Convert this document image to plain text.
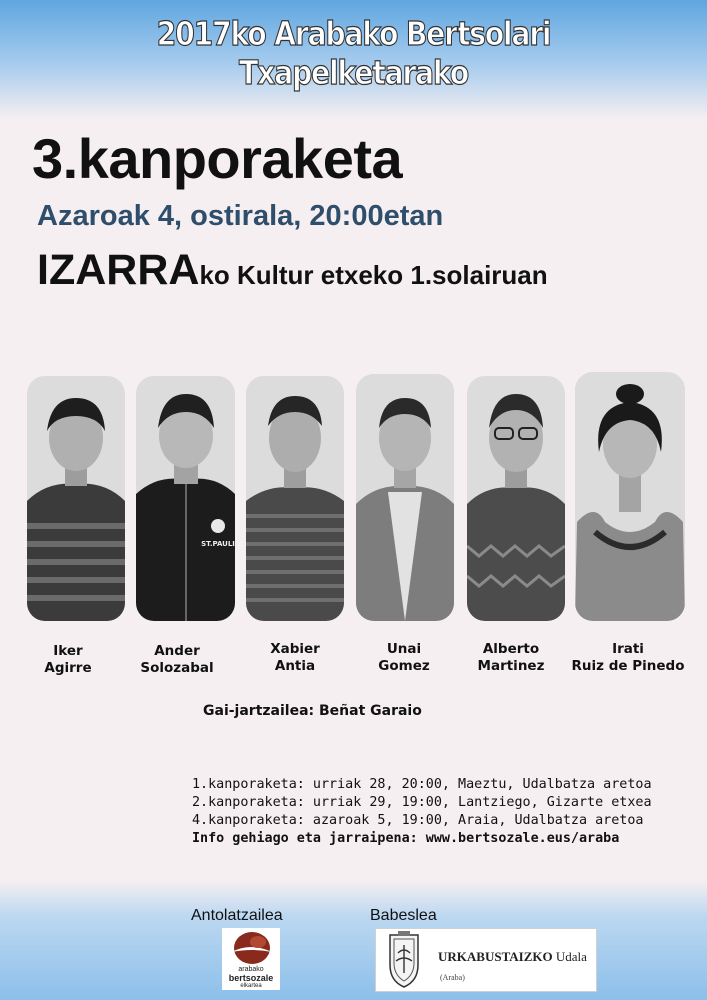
2017ko Arabako Bertsolari Txapelketarako
3.kanporaketa
Azaroak 4, ostirala, 20:00etan
IZARRAko Kultur etxeko 1.solairuan
ST.PAULI
Iker
Agirre
Ander
Solozabal
Xabier
Antia
Unai
Gomez
Alberto
Martinez
Irati
Ruiz de Pinedo
Gai-jartzailea: Beñat Garaio
1.kanporaketa: urriak 28, 20:00, Maeztu, Udalbatza aretoa
2.kanporaketa: urriak 29, 19:00, Lantziego, Gizarte etxea
4.kanporaketa: azaroak 5, 19:00, Araia, Udalbatza aretoa
Info gehiago eta jarraipena: www.bertsozale.eus/araba
Antolatzailea	Babeslea
arabako
bertsozale
elkartea
URKABUSTAIZKO Udala
(Araba)
